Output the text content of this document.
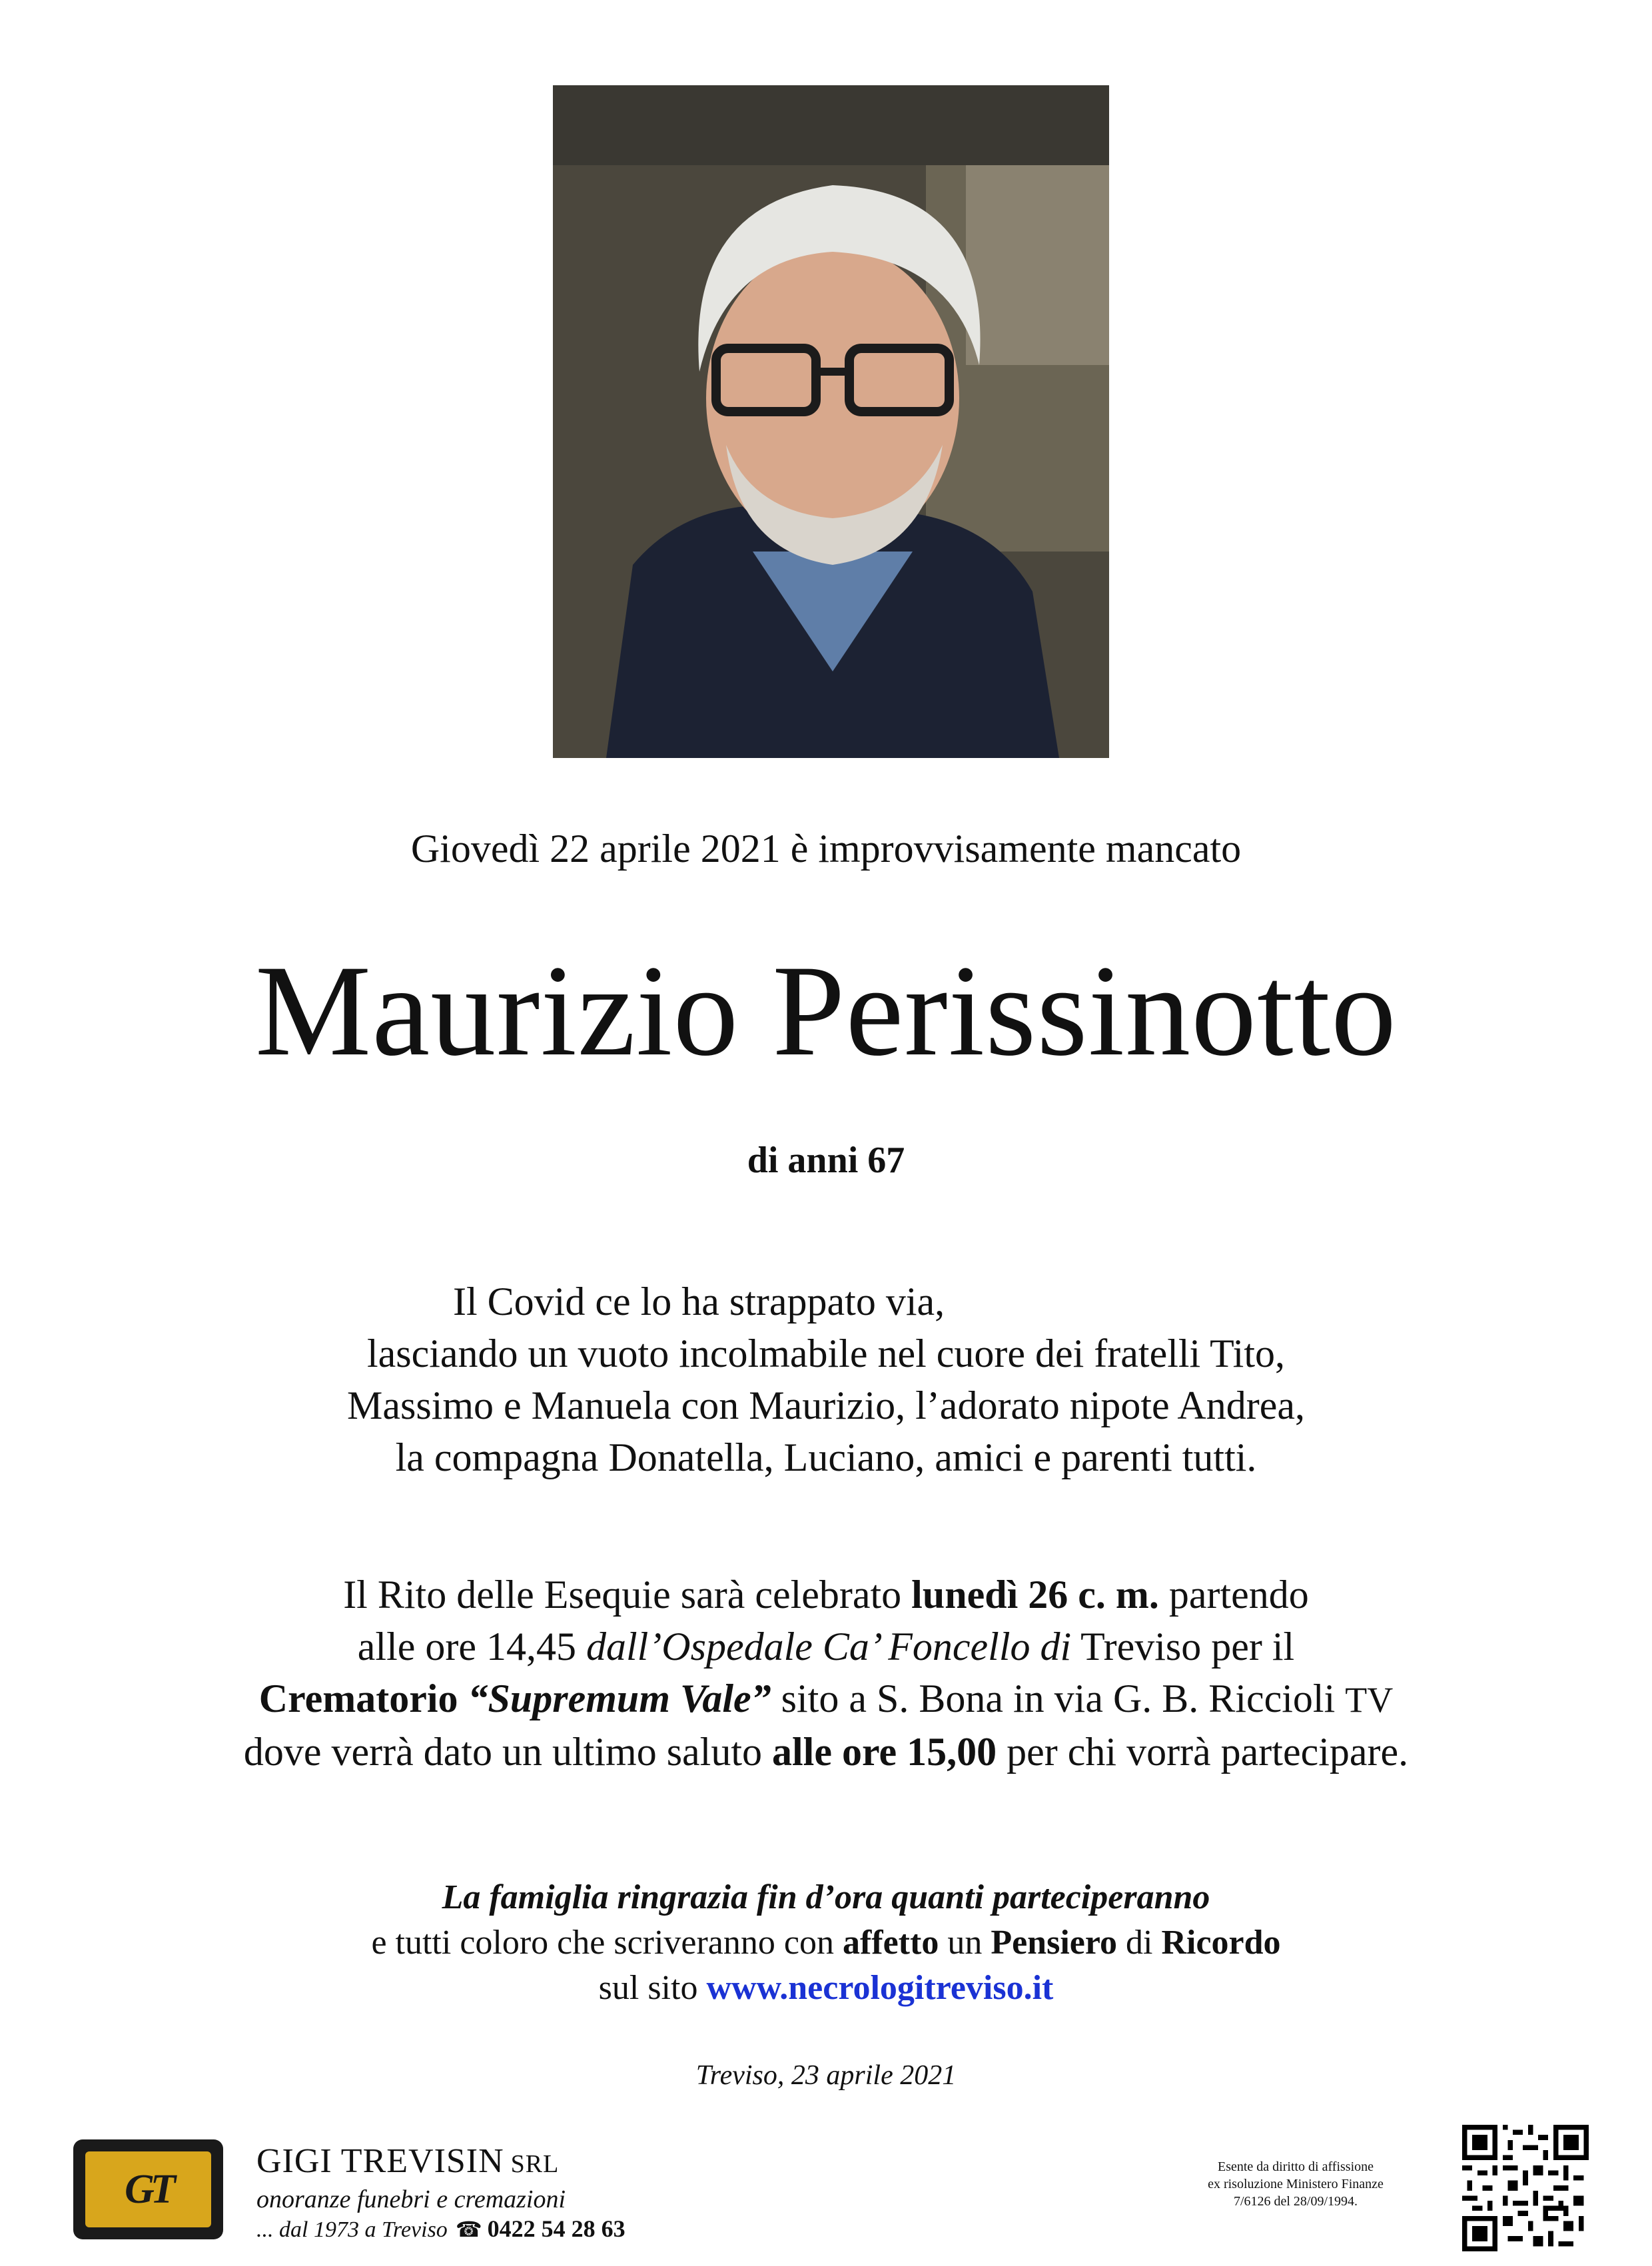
Giovedì 22 aprile 2021 è improvvisamente mancato
Maurizio Perissinotto
di anni 67
Il Covid ce lo ha strappato via,
lasciando un vuoto incolmabile nel cuore dei fratelli Tito,
Massimo e Manuela con Maurizio, l’adorato nipote Andrea,
la compagna Donatella, Luciano, amici e parenti tutti.
Il Rito delle Esequie sarà celebrato lunedì 26 c. m. partendo
alle ore 14,45 dall’Ospedale Ca’ Foncello di Treviso per il
Crematorio “Supremum Vale” sito a S. Bona in via G. B. Riccioli TV
dove verrà dato un ultimo saluto alle ore 15,00 per chi vorrà partecipare.
La famiglia ringrazia fin d’ora quanti parteciperanno
e tutti coloro che scriveranno con affetto un Pensiero di Ricordo
sul sito www.necrologitreviso.it
Treviso, 23 aprile 2021
GT
GIGI TREVISIN SRL
onoranze funebri e cremazioni
... dal 1973 a Treviso ☎ 0422 54 28 63
Esente da diritto di affissione
ex risoluzione Ministero Finanze
7/6126 del 28/09/1994.
